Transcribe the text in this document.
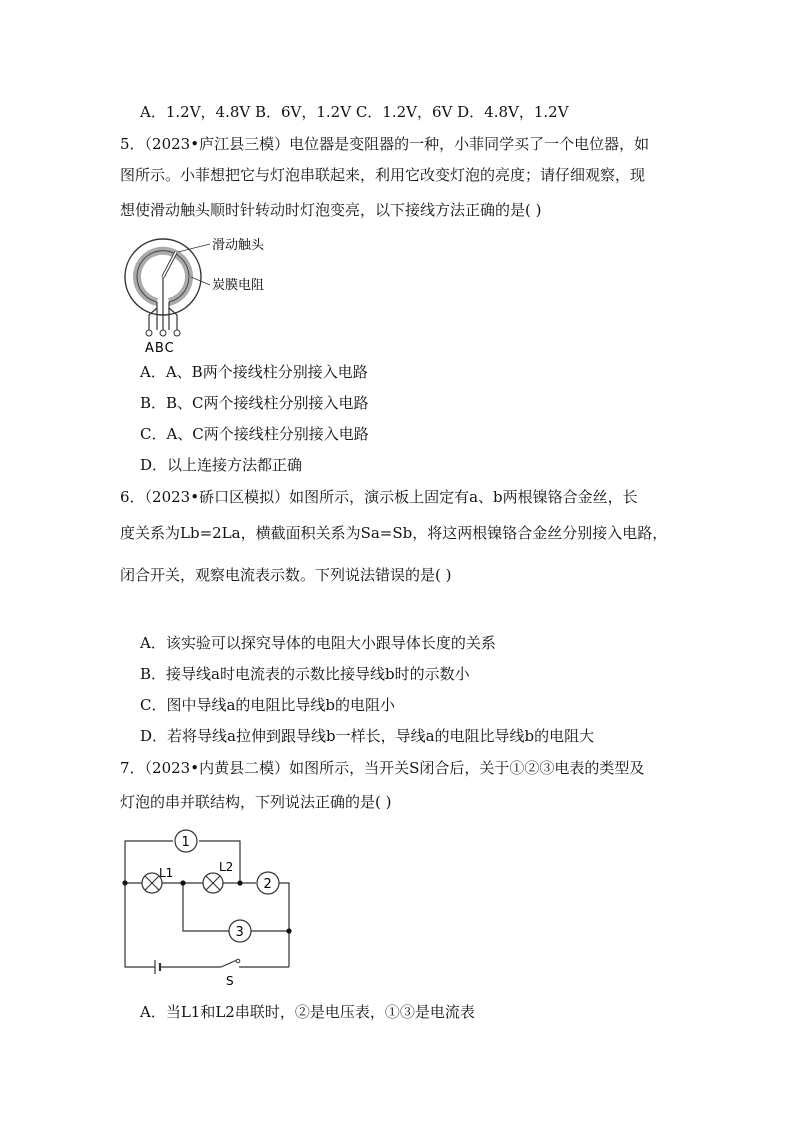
A．1.2V，4.8V B．6V，1.2V C．1.2V，6V D．4.8V，1.2V
5．（2023•庐江县三模）电位器是变阻器的一种，小菲同学买了一个电位器，如
图所示。小菲想把它与灯泡串联起来，利用它改变灯泡的亮度；请仔细观察，现
想使滑动触头顺时针转动时灯泡变亮，以下接线方法正确的是( )
ABC
滑动触头
炭膜电阻
A．A、B两个接线柱分别接入电路
B．B、C两个接线柱分别接入电路
C．A、C两个接线柱分别接入电路
D．以上连接方法都正确
6．（2023•硚口区模拟）如图所示，演示板上固定有a、b两根镍铬合金丝，长
度关系为Lb=2La，横截面积关系为Sa=Sb，将这两根镍铬合金丝分别接入电路，
闭合开关，观察电流表示数。下列说法错误的是( )
A．该实验可以探究导体的电阻大小跟导体长度的关系
B．接导线a时电流表的示数比接导线b时的示数小
C．图中导线a的电阻比导线b的电阻小
D．若将导线a拉伸到跟导线b一样长，导线a的电阻比导线b的电阻大
7．（2023•内黄县二模）如图所示，当开关S闭合后，关于①②③电表的类型及
灯泡的串并联结构，下列说法正确的是( )
1
L1	L2
2
3
S
A．当L1和L2串联时，②是电压表，①③是电流表
